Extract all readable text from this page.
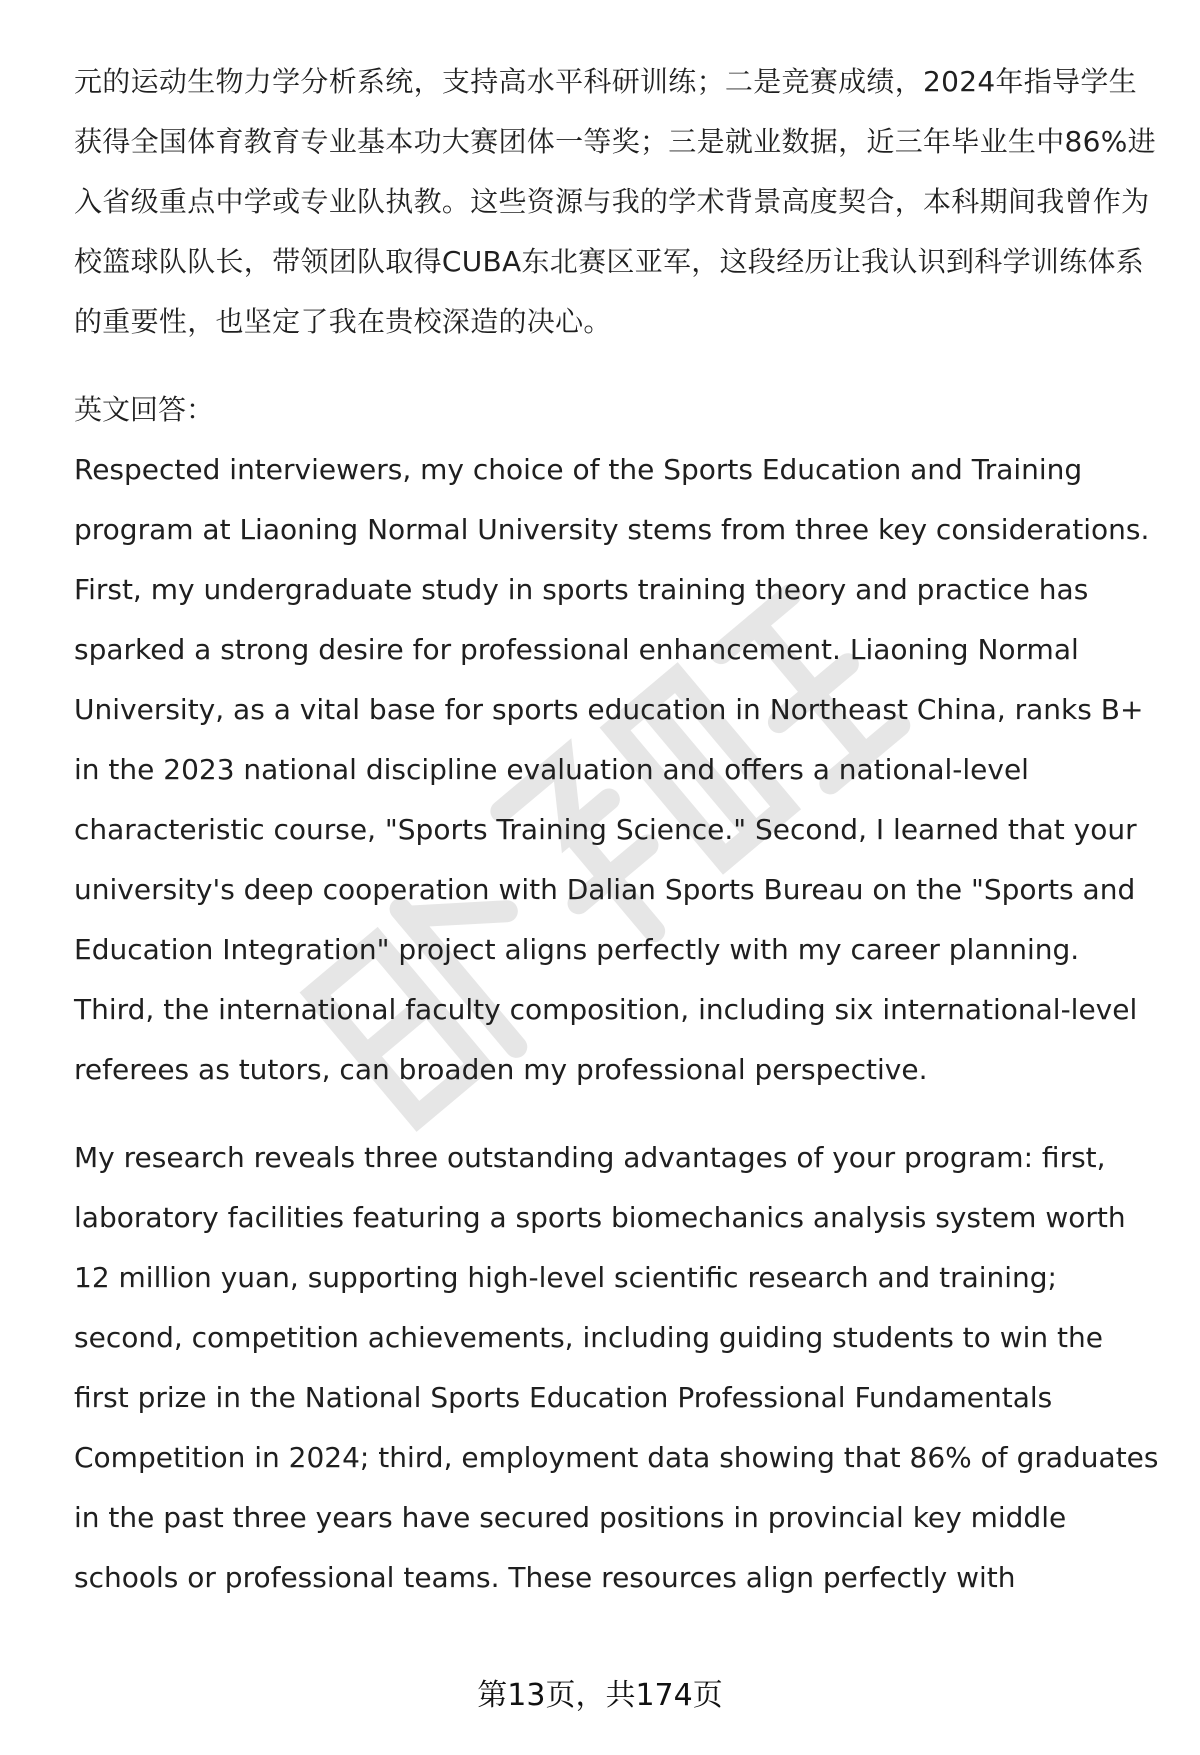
元的运动生物力学分析系统，支持高水平科研训练；二是竞赛成绩，2024年指导学生获得全国体育教育专业基本功大赛团体一等奖；三是就业数据，近三年毕业生中86%进入省级重点中学或专业队执教。这些资源与我的学术背景高度契合，本科期间我曾作为校篮球队队长，带领团队取得CUBA东北赛区亚军，这段经历让我认识到科学训练体系的重要性，也坚定了我在贵校深造的决心。

英文回答：

Respected interviewers, my choice of the Sports Education and Training program at Liaoning Normal University stems from three key considerations. First, my undergraduate study in sports training theory and practice has sparked a strong desire for professional enhancement. Liaoning Normal University, as a vital base for sports education in Northeast China, ranks B+ in the 2023 national discipline evaluation and offers a national-level characteristic course, "Sports Training Science." Second, I learned that your university's deep cooperation with Dalian Sports Bureau on the "Sports and Education Integration" project aligns perfectly with my career planning. Third, the international faculty composition, including six international-level referees as tutors, can broaden my professional perspective.

My research reveals three outstanding advantages of your program: first, laboratory facilities featuring a sports biomechanics analysis system worth 12 million yuan, supporting high-level scientific research and training; second, competition achievements, including guiding students to win the first prize in the National Sports Education Professional Fundamentals Competition in 2024; third, employment data showing that 86% of graduates in the past three years have secured positions in provincial key middle schools or professional teams. These resources align perfectly with

第13页，共174页
